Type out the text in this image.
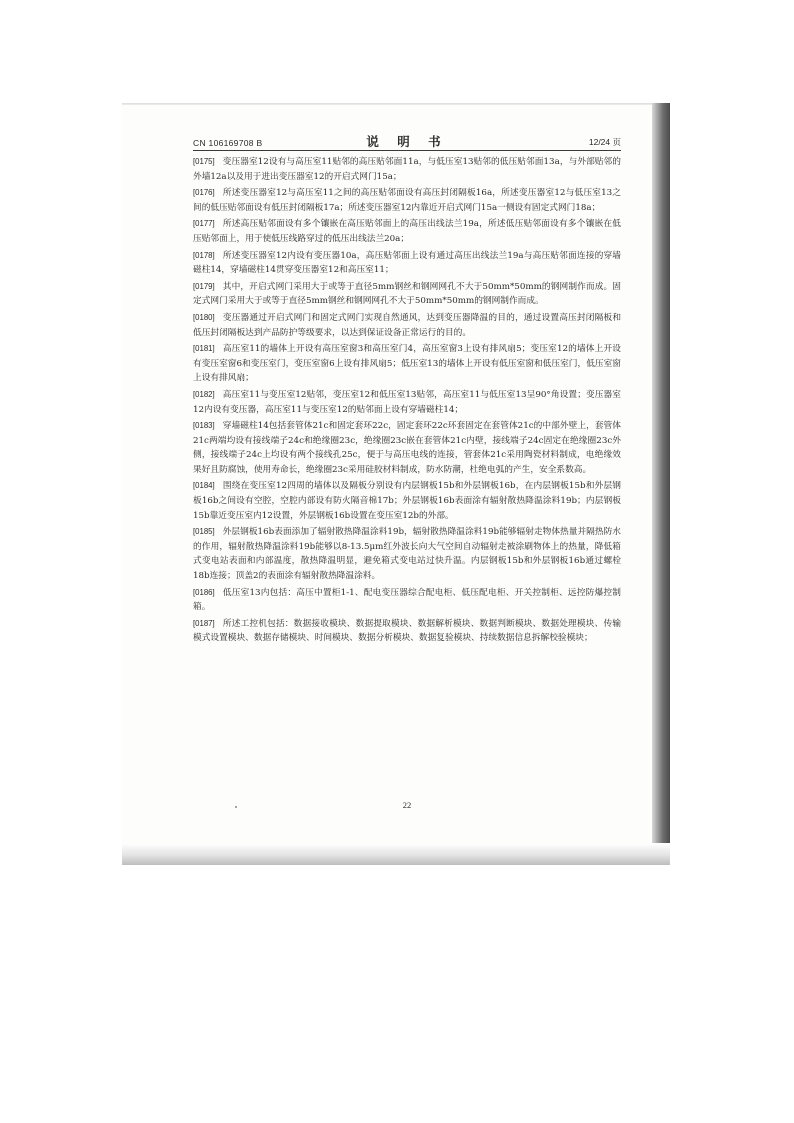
CN 106169708 B	说 明 书	12/24 页
[0175] 变压器室12设有与高压室11贴邻的高压贴邻面11a，与低压室13贴邻的低压贴邻面13a，与外部贴邻的外墙12a以及用于进出变压器室12的开启式网门15a；
[0176] 所述变压器室12与高压室11之间的高压贴邻面设有高压封闭隔板16a，所述变压器室12与低压室13之间的低压贴邻面设有低压封闭隔板17a；所述变压器室12内靠近开启式网门15a一侧设有固定式网门18a；
[0177] 所述高压贴邻面设有多个镶嵌在高压贴邻面上的高压出线法兰19a，所述低压贴邻面设有多个镶嵌在低压贴邻面上，用于使低压线路穿过的低压出线法兰20a；
[0178] 所述变压器室12内设有变压器10a，高压贴邻面上设有通过高压出线法兰19a与高压贴邻面连接的穿墙磁柱14，穿墙磁柱14贯穿变压器室12和高压室11；
[0179] 其中，开启式网门采用大于或等于直径5mm钢丝和钢网网孔不大于50mm*50mm的钢网制作而成。固定式网门采用大于或等于直径5mm钢丝和钢网网孔不大于50mm*50mm的钢网制作而成。
[0180] 变压器通过开启式网门和固定式网门实现自然通风，达到变压器降温的目的，通过设置高压封闭隔板和低压封闭隔板达到产品防护等级要求，以达到保证设备正常运行的目的。
[0181] 高压室11的墙体上开设有高压室窗3和高压室门4，高压室窗3上设有排风扇5；变压室12的墙体上开设有变压室窗6和变压室门，变压室窗6上设有排风扇5；低压室13的墙体上开设有低压室窗和低压室门，低压室窗上设有排风扇；
[0182] 高压室11与变压室12贴邻，变压室12和低压室13贴邻，高压室11与低压室13呈90°角设置；变压器室12内设有变压器，高压室11与变压室12的贴邻面上设有穿墙磁柱14；
[0183] 穿墙磁柱14包括套管体21c和固定套环22c，固定套环22c环套固定在套管体21c的中部外壁上，套管体21c两端均设有接线端子24c和绝缘圈23c，绝缘圈23c嵌在套管体21c内壁，接线端子24c固定在绝缘圈23c外侧，接线端子24c上均设有两个接线孔25c，便于与高压电线的连接，管套体21c采用陶瓷材料制成，电绝缘效果好且防腐蚀，使用寿命长，绝缘圈23c采用硅胶材料制成，防水防潮，杜绝电弧的产生，安全系数高。
[0184] 围绕在变压室12四周的墙体以及隔板分别设有内层钢板15b和外层钢板16b，在内层钢板15b和外层钢板16b之间设有空腔，空腔内部设有防火隔音棉17b；外层钢板16b表面涂有辐射散热降温涂料19b；内层钢板15b靠近变压室内12设置，外层钢板16b设置在变压室12b的外部。
[0185] 外层钢板16b表面添加了辐射散热降温涂料19b，辐射散热降温涂料19b能够辐射走物体热量并隔热防水的作用，辐射散热降温涂料19b能够以8-13.5μm红外波长向大气空间自动辐射走被涂刷物体上的热量，降低箱式变电站表面和内部温度，散热降温明显，避免箱式变电站过快升温。内层钢板15b和外层钢板16b通过螺栓18b连接；顶盖2的表面涂有辐射散热降温涂料。
[0186] 低压室13内包括：高压中置柜1-1、配电变压器综合配电柜、低压配电柜、开关控制柜、远控防爆控制箱。
[0187] 所述工控机包括：数据接收模块、数据提取模块、数据解析模块、数据判断模块、数据处理模块、传输模式设置模块、数据存储模块、时间模块、数据分析模块、数据复验模块、持续数据信息拆解校验模块；
22
